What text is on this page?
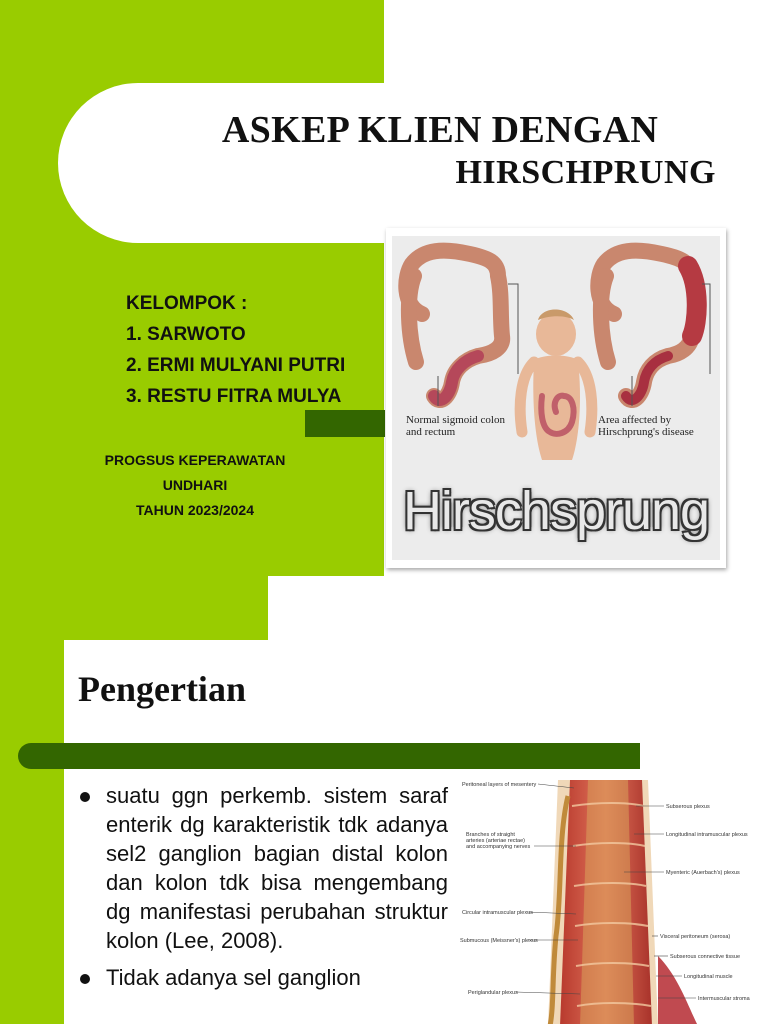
ASKEP KLIEN DENGAN
HIRSCHPRUNG
KELOMPOK :
1. SARWOTO
2. ERMI MULYANI PUTRI
3. RESTU FITRA MULYA
PROGSUS KEPERAWATAN
UNDHARI
TAHUN 2023/2024
Normal sigmoid colon and rectum
Area affected by Hirschprung's disease
Hirschsprung
Pengertian
suatu ggn perkemb. sistem saraf enterik dg karakteristik tdk adanya sel2 ganglion bagian distal kolon dan kolon tdk bisa mengembang dg manifestasi perubahan struktur kolon (Lee, 2008).
Tidak adanya sel ganglion
Peritoneal layers of mesentery
Branches of straight arteries (arteriae rectae) and accompanying nerves
Circular intramuscular plexus
Submucous (Meissner's) plexus
Periglandular plexus
Subserous plexus
Longitudinal intramuscular plexus
Myenteric (Auerbach's) plexus
Visceral peritoneum (serosa)
Subserous connective tissue
Longitudinal muscle
Intermuscular stroma
